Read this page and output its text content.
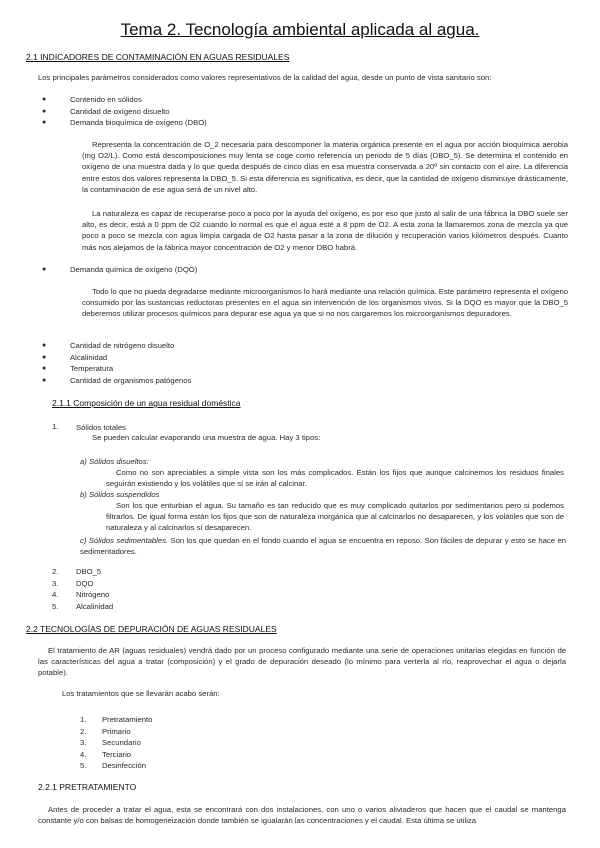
Tema 2. Tecnología ambiental aplicada al agua.
2.1 INDICADORES DE CONTAMINACIÓN EN AGUAS RESIDUALES
Los principales parámetros considerados como valores representativos de la calidad del agua, desde un punto de vista sanitario son:
●	Contenido en sólidos
●	Cantidad de oxígeno disuelto
●	Demanda bioquímica de oxígeno (DBO)
Representa la concentración de O_2 necesaria para descomponer la materia orgánica presente en el agua por acción bioquímica aerobia (mg O2/L). Como está descomposiciones muy lenta se coge como referencia un periodo de 5 días (DBO_5). Se determina el contenido en oxígeno de una muestra dada y lo que queda después de cinco días en esa muestra conservada a 20º sin contacto con el aire. La diferencia entre estos dos valores representa la DBO_5. Si esta diferencia es significativa, es decir, que la cantidad de oxígeno disminuye drásticamente, la contaminación de ese agua será de un nivel alto.
La naturaleza es capaz de recuperarse poco a poco por la ayuda del oxígeno, es por eso que justo al salir de una fábrica la DBO suele ser alto, es decir, está a 0 ppm de O2 cuando lo normal es que el agua esté a 8 ppm de O2. A esta zona la llamaremos zona de mezcla ya que poco a poco se mezcla con agua limpia cargada de O2 hasta pasar a la zona de dilución y recuperación varios kilómetros después. Cuanto más nos alejamos de la fábrica mayor concentración de O2 y menor DBO habrá.
●	Demanda química de oxígeno (DQO)
Todo lo que no pueda degradarse mediante microorganismos lo hará mediante una relación química. Este parámetro representa el oxígeno consumido por las sustancias reductoras presentes en el agua sin intervención de los organismos vivos. Si la DQO es mayor que la DBO_5 deberemos utilizar procesos químicos para depurar ese agua ya que si no nos cargaremos los microorganismos depuradores.
●	Cantidad de nitrógeno disuelto
●	Alcalinidad
●	Temperatura
●	Cantidad de organismos patógenos
2.1.1 Composición de un agua residual doméstica
1. Sólidos totales
Se pueden calcular evaporando una muestra de agua. Hay 3 tipos:
a) Sólidos disueltos:
Como no son apreciables a simple vista son los más complicados. Están los fijos que aunque calcinemos los residuos finales seguirán existiendo y los volátiles que sí se irán al calcinar.
b) Sólidos suspendidos
Son los que enturbian el agua. Su tamaño es tan reducido que es muy complicado quitarlos por sedimentarios pero si podemos filtrarlos. De igual forma están los fijos que son de naturaleza inorgánica que al calcinarlos no desaparecen, y los volátiles que son de naturaleza y al calcinarlos sí desaparecen.
c) Sólidos sedimentables. Son los que quedan en el fondo cuando el agua se encuentra en reposo. Son fáciles de depurar y esto se hace en sedimentadores.
2. DBO_5
3. DQO
4. Nitrógeno
5. Alcalinidad
2.2 TECNOLOGÍAS DE DEPURACIÓN DE AGUAS RESIDUALES
El tratamiento de AR (aguas residuales) vendrá dado por un proceso configurado mediante una serie de operaciones unitarias elegidas en función de las características del agua a tratar (composición) y el grado de depuración deseado (lo mínimo para verterla al río, reaprovechar el agua o dejarla potable).
Los tratamientos que se llevarán acabo serán:
1. Pretratamiento
2. Primario
3. Secundario
4. Terciario
5. Desinfección
2.2.1 PRETRATAMIENTO
Antes de proceder a tratar el agua, esta se encontrará con dos instalaciones, con uno o varios aliviaderos que hacen que el caudal se mantenga constante y/o con balsas de homogeneización donde también se igualarán las concentraciones y el caudal. Esta última se utiliza
